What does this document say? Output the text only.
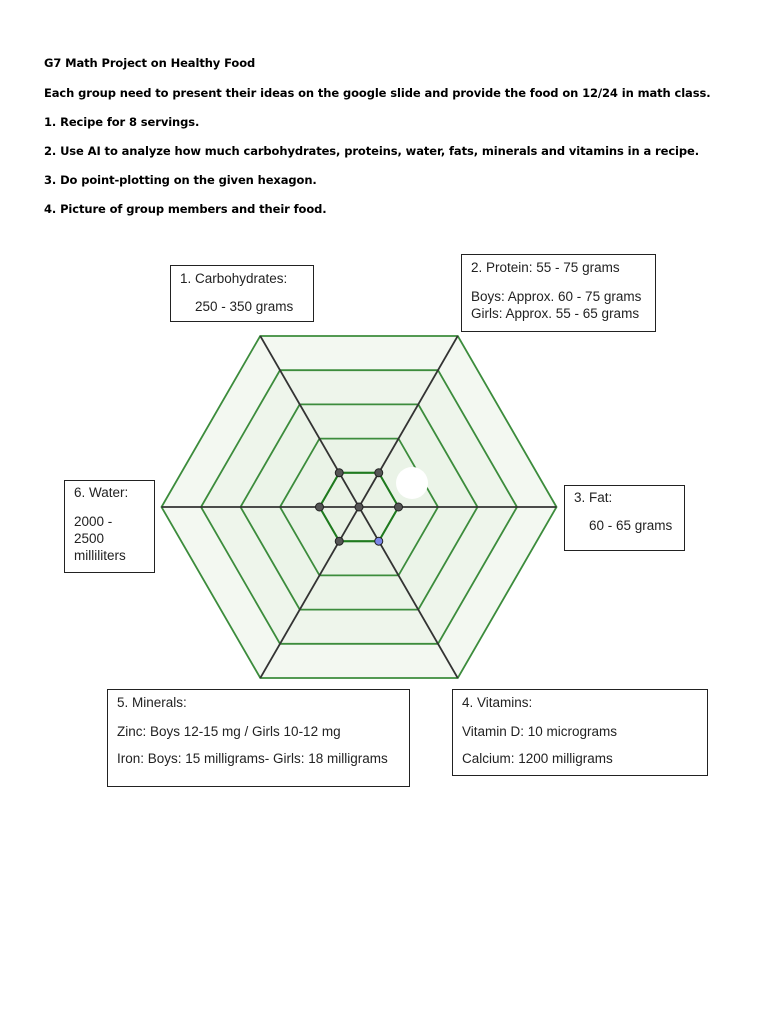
G7 Math Project on Healthy Food
Each group need to present their ideas on the google slide and provide the food on 12/24 in math class.
1. Recipe for 8 servings.
2. Use AI to analyze how much carbohydrates, proteins, water, fats, minerals and vitamins in a recipe.
3. Do point-plotting on the given hexagon.
4. Picture of group members and their food.
1. Carbohydrates:
250 - 350 grams
2. Protein: 55 - 75 grams
Boys: Approx. 60 - 75 grams
Girls: Approx. 55 - 65 grams
3. Fat:
60 - 65 grams
6. Water:
2000 -
2500
milliliters
5. Minerals:
Zinc: Boys 12-15 mg / Girls 10-12 mg
Iron: Boys: 15 milligrams- Girls: 18 milligrams
4. Vitamins:
Vitamin D: 10 micrograms
Calcium: 1200 milligrams
